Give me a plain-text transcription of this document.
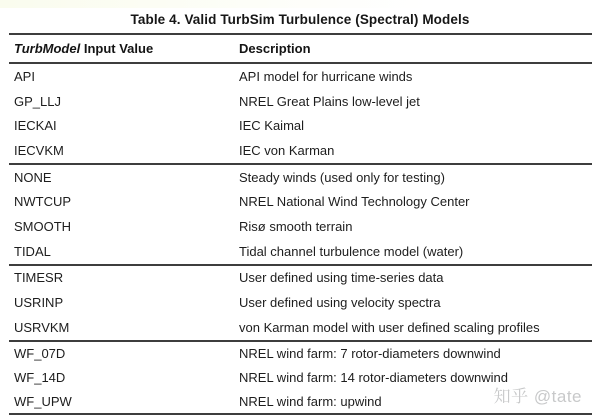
Table 4. Valid TurbSim Turbulence (Spectral) Models
TurbModel Input Value	Description
API	API model for hurricane winds
GP_LLJ	NREL Great Plains low-level jet
IECKAI	IEC Kaimal
IECVKM	IEC von Karman
NONE	Steady winds (used only for testing)
NWTCUP	NREL National Wind Technology Center
SMOOTH	Risø smooth terrain
TIDAL	Tidal channel turbulence model (water)
TIMESR	User defined using time-series data
USRINP	User defined using velocity spectra
USRVKM	von Karman model with user defined scaling profiles
WF_07D	NREL wind farm: 7 rotor-diameters downwind
WF_14D	NREL wind farm: 14 rotor-diameters downwind
WF_UPW	NREL wind farm: upwind	知乎 @tate
